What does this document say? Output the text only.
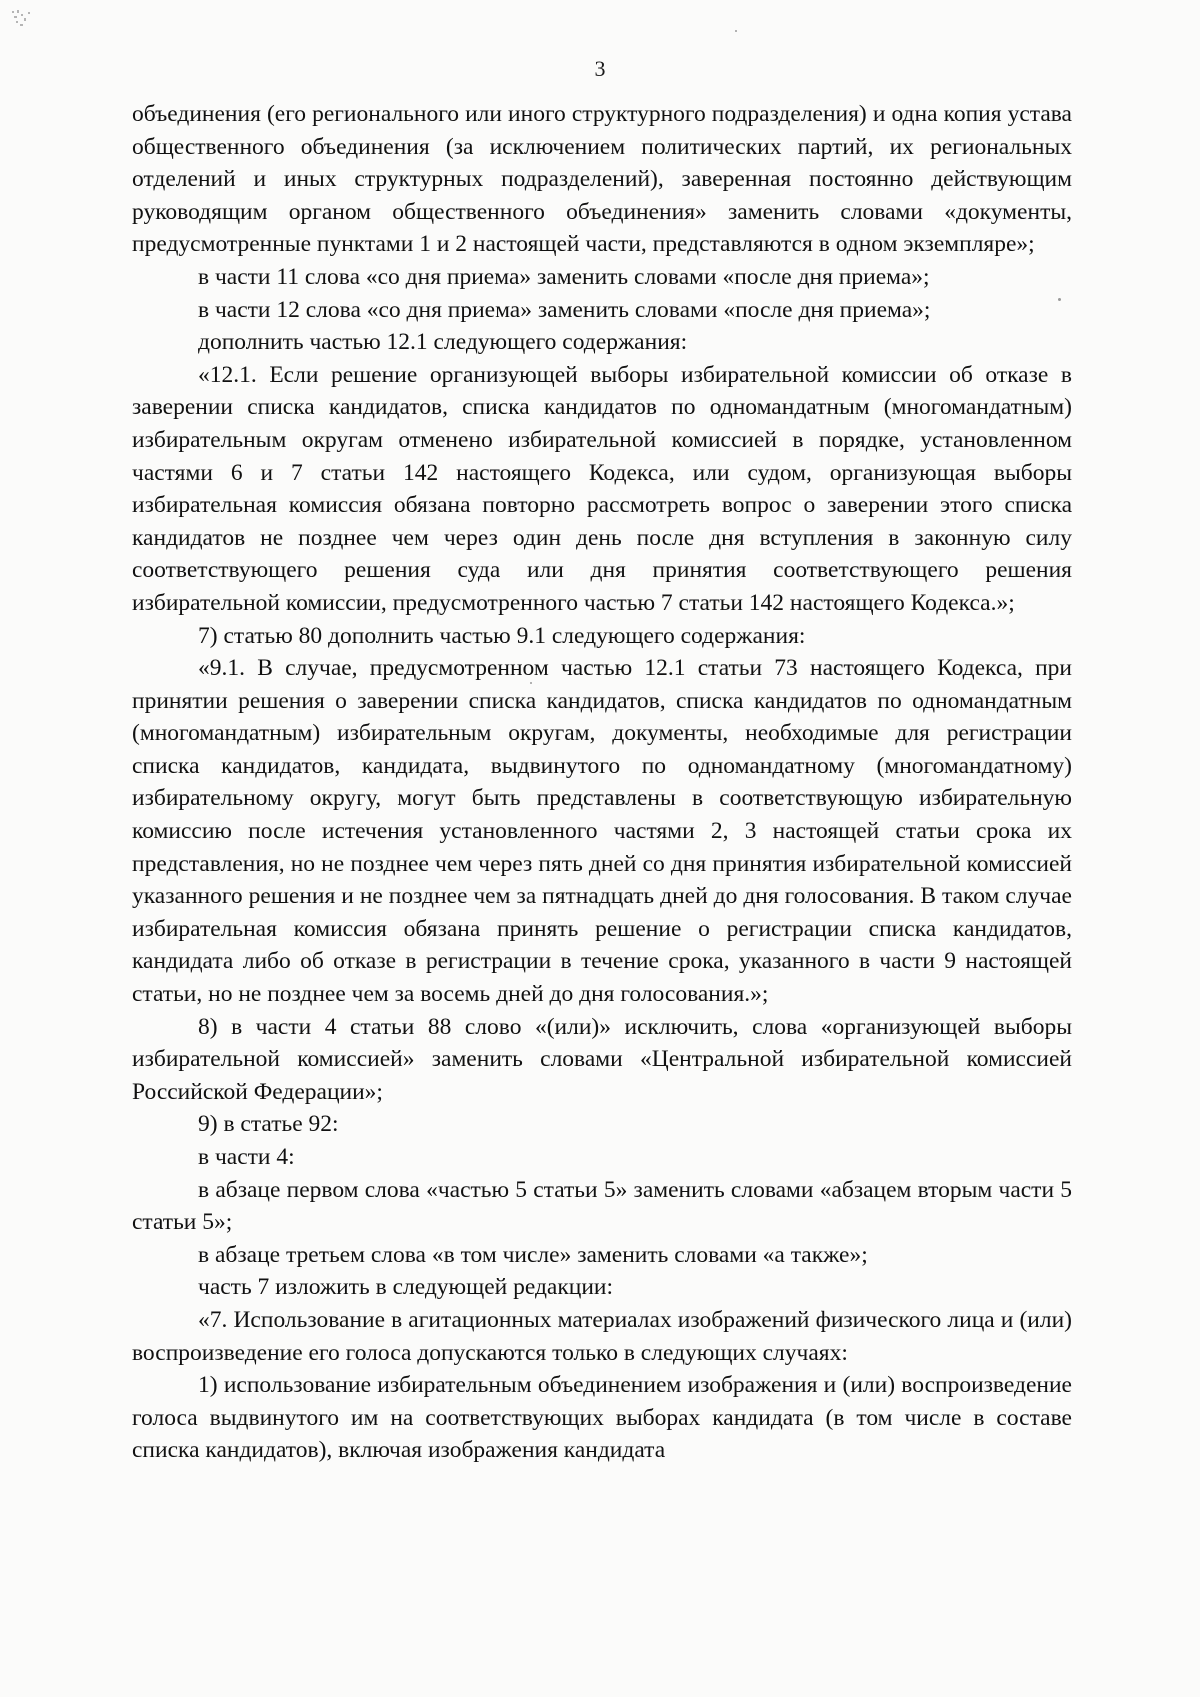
3

объединения (его регионального или иного структурного подразделения) и одна копия устава общественного объединения (за исключением политических партий, их региональных отделений и иных структурных подразделений), заверенная постоянно действующим руководящим органом общественного объединения» заменить словами «документы, предусмотренные пунктами 1 и 2 настоящей части, представляются в одном экземпляре»;

в части 11 слова «со дня приема» заменить словами «после дня приема»;

в части 12 слова «со дня приема» заменить словами «после дня приема»;

дополнить частью 12.1 следующего содержания:

«12.1. Если решение организующей выборы избирательной комиссии об отказе в заверении списка кандидатов, списка кандидатов по одномандатным (многомандатным) избирательным округам отменено избирательной комиссией в порядке, установленном частями 6 и 7 статьи 142 настоящего Кодекса, или судом, организующая выборы избирательная комиссия обязана повторно рассмотреть вопрос о заверении этого списка кандидатов не позднее чем через один день после дня вступления в законную силу соответствующего решения суда или дня принятия соответствующего решения избирательной комиссии, предусмотренного частью 7 статьи 142 настоящего Кодекса.»;

7) статью 80 дополнить частью 9.1 следующего содержания:

«9.1. В случае, предусмотренном частью 12.1 статьи 73 настоящего Кодекса, при принятии решения о заверении списка кандидатов, списка кандидатов по одномандатным (многомандатным) избирательным округам, документы, необходимые для регистрации списка кандидатов, кандидата, выдвинутого по одномандатному (многомандатному) избирательному округу, могут быть представлены в соответствующую избирательную комиссию после истечения установленного частями 2, 3 настоящей статьи срока их представления, но не позднее чем через пять дней со дня принятия избирательной комиссией указанного решения и не позднее чем за пятнадцать дней до дня голосования. В таком случае избирательная комиссия обязана принять решение о регистрации списка кандидатов, кандидата либо об отказе в регистрации в течение срока, указанного в части 9 настоящей статьи, но не позднее чем за восемь дней до дня голосования.»;

8) в части 4 статьи 88 слово «(или)» исключить, слова «организующей выборы избирательной комиссией» заменить словами «Центральной избирательной комиссией Российской Федерации»;

9) в статье 92:

в части 4:

в абзаце первом слова «частью 5 статьи 5» заменить словами «абзацем вторым части 5 статьи 5»;

в абзаце третьем слова «в том числе» заменить словами «а также»;

часть 7 изложить в следующей редакции:

«7. Использование в агитационных материалах изображений физического лица и (или) воспроизведение его голоса допускаются только в следующих случаях:

1) использование избирательным объединением изображения и (или) воспроизведение голоса выдвинутого им на соответствующих выборах кандидата (в том числе в составе списка кандидатов), включая изображения кандидата
